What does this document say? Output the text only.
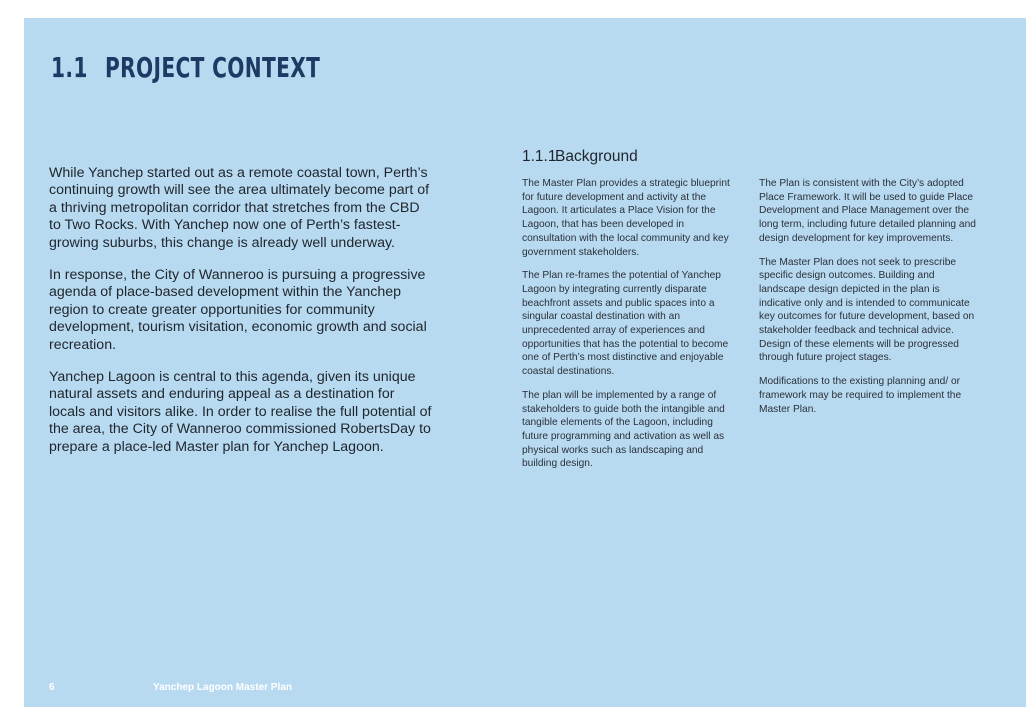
1.1 PROJECT CONTEXT

While Yanchep started out as a remote coastal town, Perth’s continuing growth will see the area ultimately become part of a thriving metropolitan corridor that stretches from the CBD to Two Rocks. With Yanchep now one of Perth’s fastest-growing suburbs, this change is already well underway.

In response, the City of Wanneroo is pursuing a progressive agenda of place-based development within the Yanchep region to create greater opportunities for community development, tourism visitation, economic growth and social recreation.

Yanchep Lagoon is central to this agenda, given its unique natural assets and enduring appeal as a destination for locals and visitors alike. In order to realise the full potential of the area, the City of Wanneroo commissioned RobertsDay to prepare a place-led Master plan for Yanchep Lagoon.

1.1.1Background

The Master Plan provides a strategic blueprint for future development and activity at the Lagoon. It articulates a Place Vision for the Lagoon, that has been developed in consultation with the local community and key government stakeholders.

The Plan re-frames the potential of Yanchep Lagoon by integrating currently disparate beachfront assets and public spaces into a singular coastal destination with an unprecedented array of experiences and opportunities that has the potential to become one of Perth’s most distinctive and enjoyable coastal destinations.

The plan will be implemented by a range of stakeholders to guide both the intangible and tangible elements of the Lagoon, including future programming and activation as well as physical works such as landscaping and building design.

The Plan is consistent with the City’s adopted Place Framework. It will be used to guide Place Development and Place Management over the long term, including future detailed planning and design development for key improvements.

The Master Plan does not seek to prescribe specific design outcomes. Building and landscape design depicted in the plan is indicative only and is intended to communicate key outcomes for future development, based on stakeholder feedback and technical advice. Design of these elements will be progressed through future project stages.

Modifications to the existing planning and/ or framework may be required to implement the Master Plan.

6	Yanchep Lagoon Master Plan
